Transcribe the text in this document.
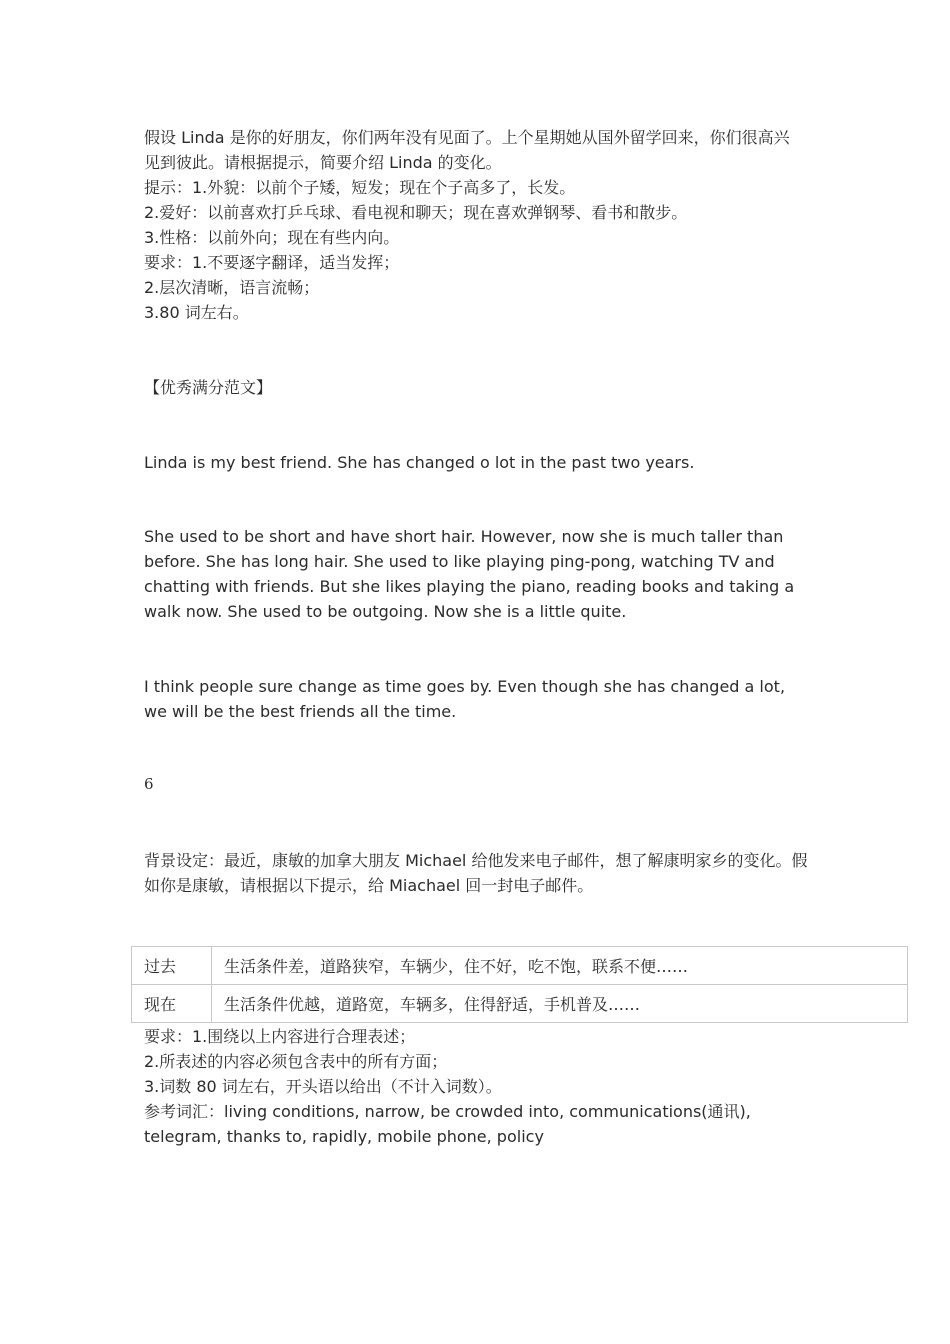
假设 Linda 是你的好朋友，你们两年没有见面了。上个星期她从国外留学回来，你们很高兴
见到彼此。请根据提示，简要介绍 Linda 的变化。
提示：1.外貌：以前个子矮，短发；现在个子高多了，长发。
2.爱好：以前喜欢打乒乓球、看电视和聊天；现在喜欢弹钢琴、看书和散步。
3.性格：以前外向；现在有些内向。
要求：1.不要逐字翻译，适当发挥；
2.层次清晰，语言流畅；
3.80 词左右。
【优秀满分范文】
Linda is my best friend. She has changed o lot in the past two years.
She used to be short and have short hair. However, now she is much taller than
before. She has long hair. She used to like playing ping-pong, watching TV and
chatting with friends. But she likes playing the piano, reading books and taking a
walk now. She used to be outgoing. Now she is a little quite.
I think people sure change as time goes by. Even though she has changed a lot,
we will be the best friends all the time.
6
背景设定：最近，康敏的加拿大朋友 Michael 给他发来电子邮件，想了解康明家乡的变化。假
如你是康敏，请根据以下提示，给 Miachael 回一封电子邮件。
过去	生活条件差，道路狭窄，车辆少，住不好，吃不饱，联系不便……
现在	生活条件优越，道路宽，车辆多，住得舒适，手机普及……
要求：1.围绕以上内容进行合理表述；
2.所表述的内容必须包含表中的所有方面；
3.词数 80 词左右，开头语以给出（不计入词数）。
参考词汇：living conditions, narrow, be crowded into, communications(通讯),
telegram, thanks to, rapidly, mobile phone, policy
